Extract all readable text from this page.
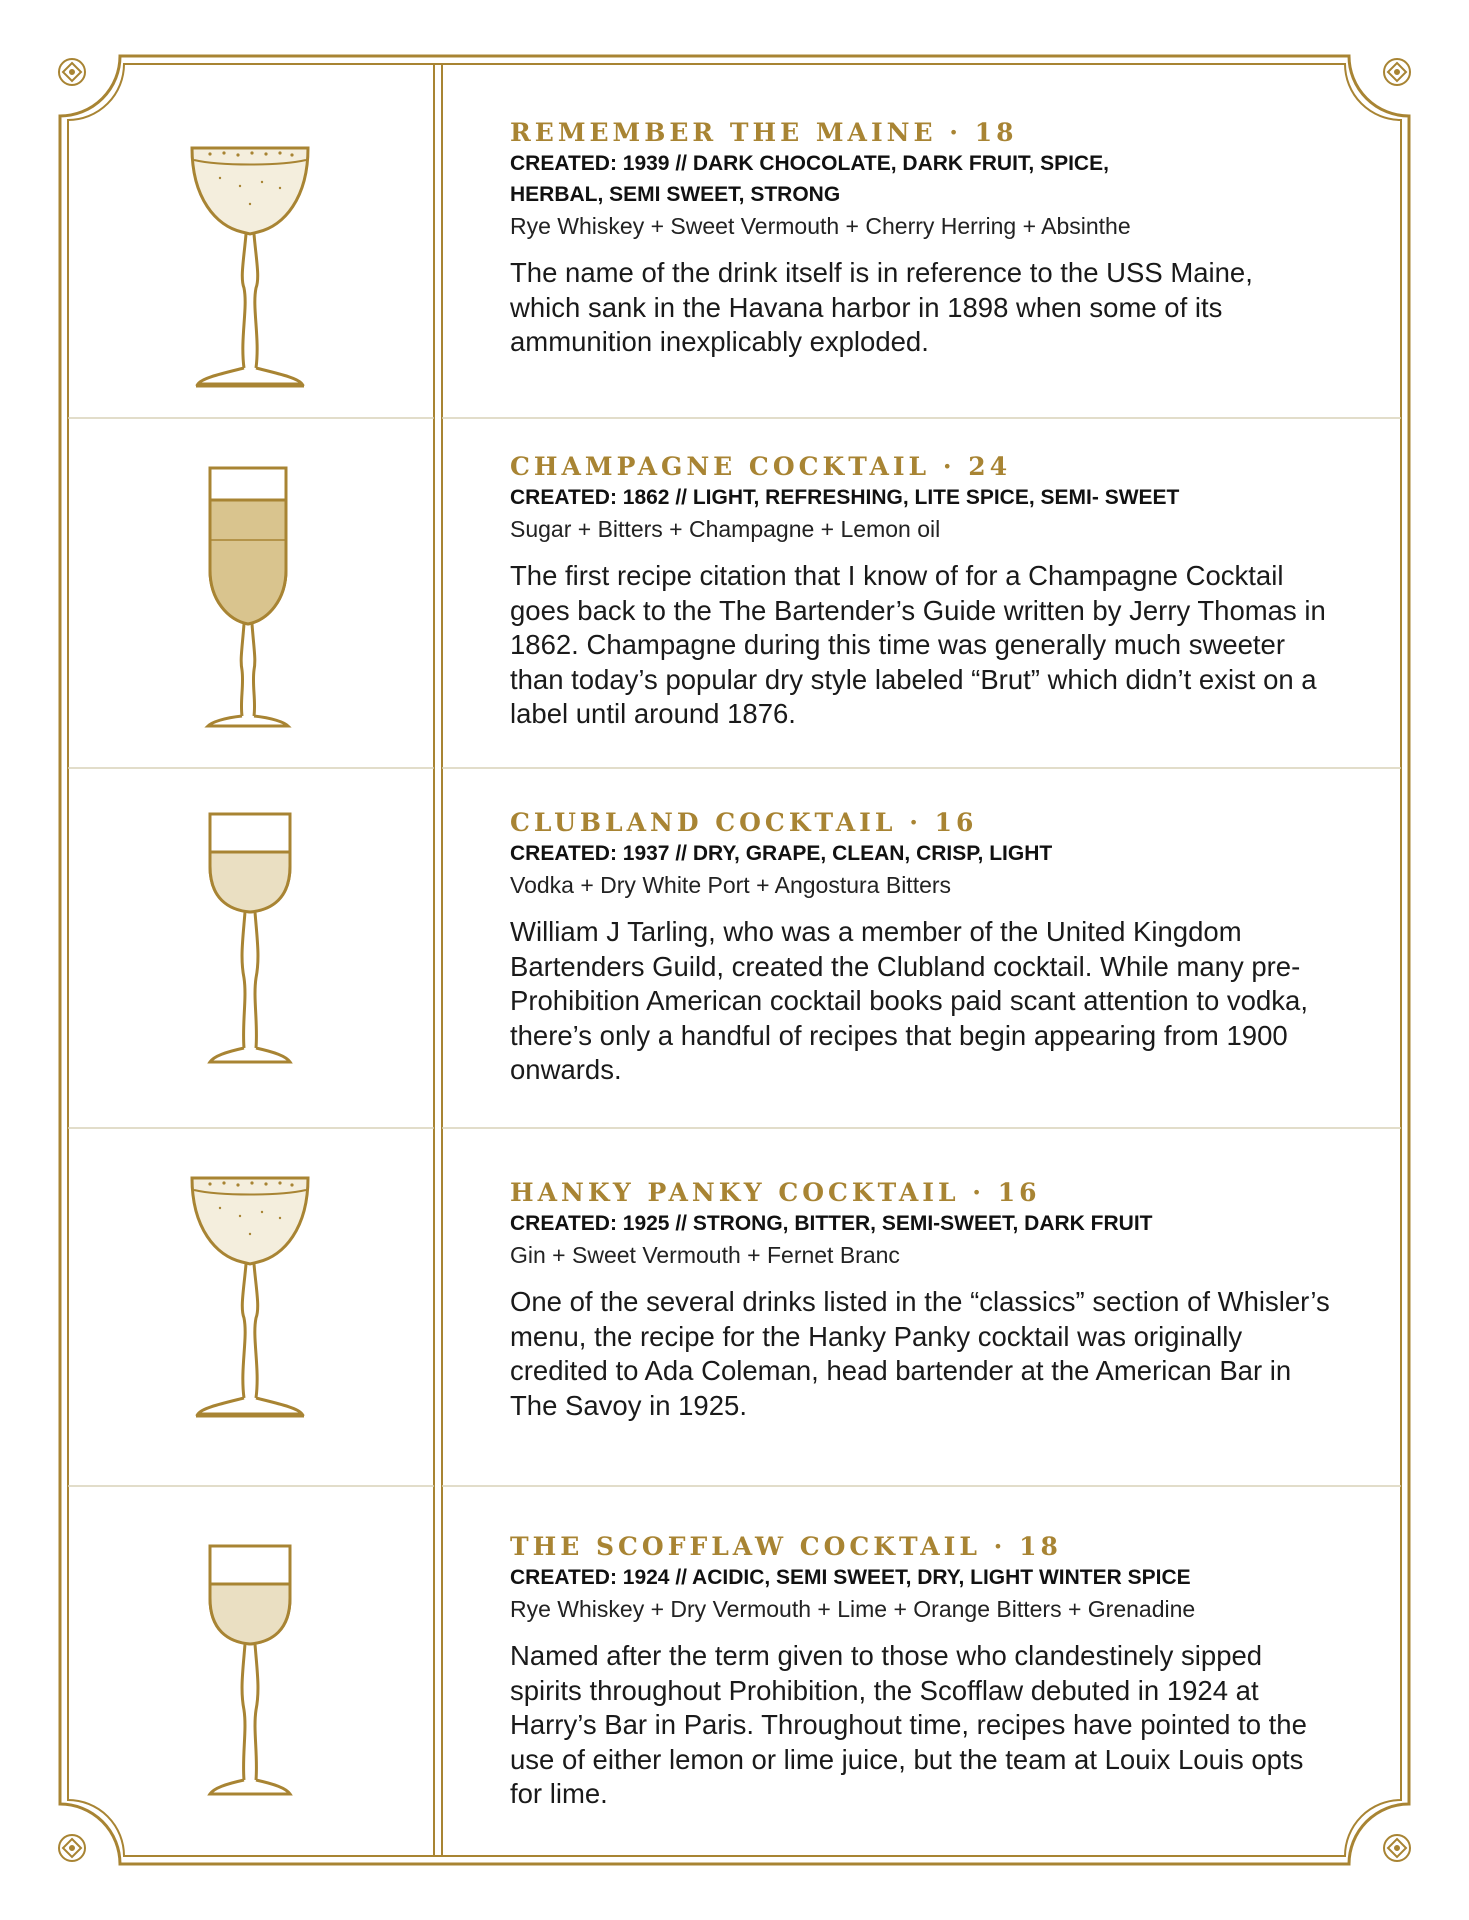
REMEMBER THE MAINE · 18

CREATED: 1939 // DARK CHOCOLATE, DARK FRUIT, SPICE, HERBAL, SEMI SWEET, STRONG

Rye Whiskey + Sweet Vermouth + Cherry Herring + Absinthe

The name of the drink itself is in reference to the USS Maine, which sank in the Havana harbor in 1898 when some of its ammunition inexplicably exploded.

CHAMPAGNE COCKTAIL · 24

CREATED: 1862 // LIGHT, REFRESHING, LITE SPICE, SEMI- SWEET

Sugar + Bitters + Champagne + Lemon oil

The first recipe citation that I know of for a Champagne Cocktail goes back to the The Bartender’s Guide written by Jerry Thomas in 1862. Champagne during this time was generally much sweeter than today’s popular dry style labeled “Brut” which didn’t exist on a label until around 1876.

CLUBLAND COCKTAIL · 16

CREATED: 1937 // DRY, GRAPE, CLEAN, CRISP, LIGHT

Vodka + Dry White Port + Angostura Bitters

William J Tarling, who was a member of the United Kingdom Bartenders Guild, created the Clubland cocktail. While many pre-Prohibition American cocktail books paid scant attention to vodka, there’s only a handful of recipes that begin appearing from 1900 onwards.

HANKY PANKY COCKTAIL · 16

CREATED: 1925 // STRONG, BITTER, SEMI-SWEET, DARK FRUIT

Gin + Sweet Vermouth + Fernet Branc

One of the several drinks listed in the “classics” section of Whisler’s menu, the recipe for the Hanky Panky cocktail was originally credited to Ada Coleman, head bartender at the American Bar in The Savoy in 1925.

THE SCOFFLAW COCKTAIL · 18

CREATED: 1924 // ACIDIC, SEMI SWEET, DRY, LIGHT WINTER SPICE

Rye Whiskey + Dry Vermouth + Lime + Orange Bitters + Grenadine

Named after the term given to those who clandestinely sipped spirits throughout Prohibition, the Scofflaw debuted in 1924 at Harry’s Bar in Paris. Throughout time, recipes have pointed to the use of either lemon or lime juice, but the team at Louix Louis opts for lime.
